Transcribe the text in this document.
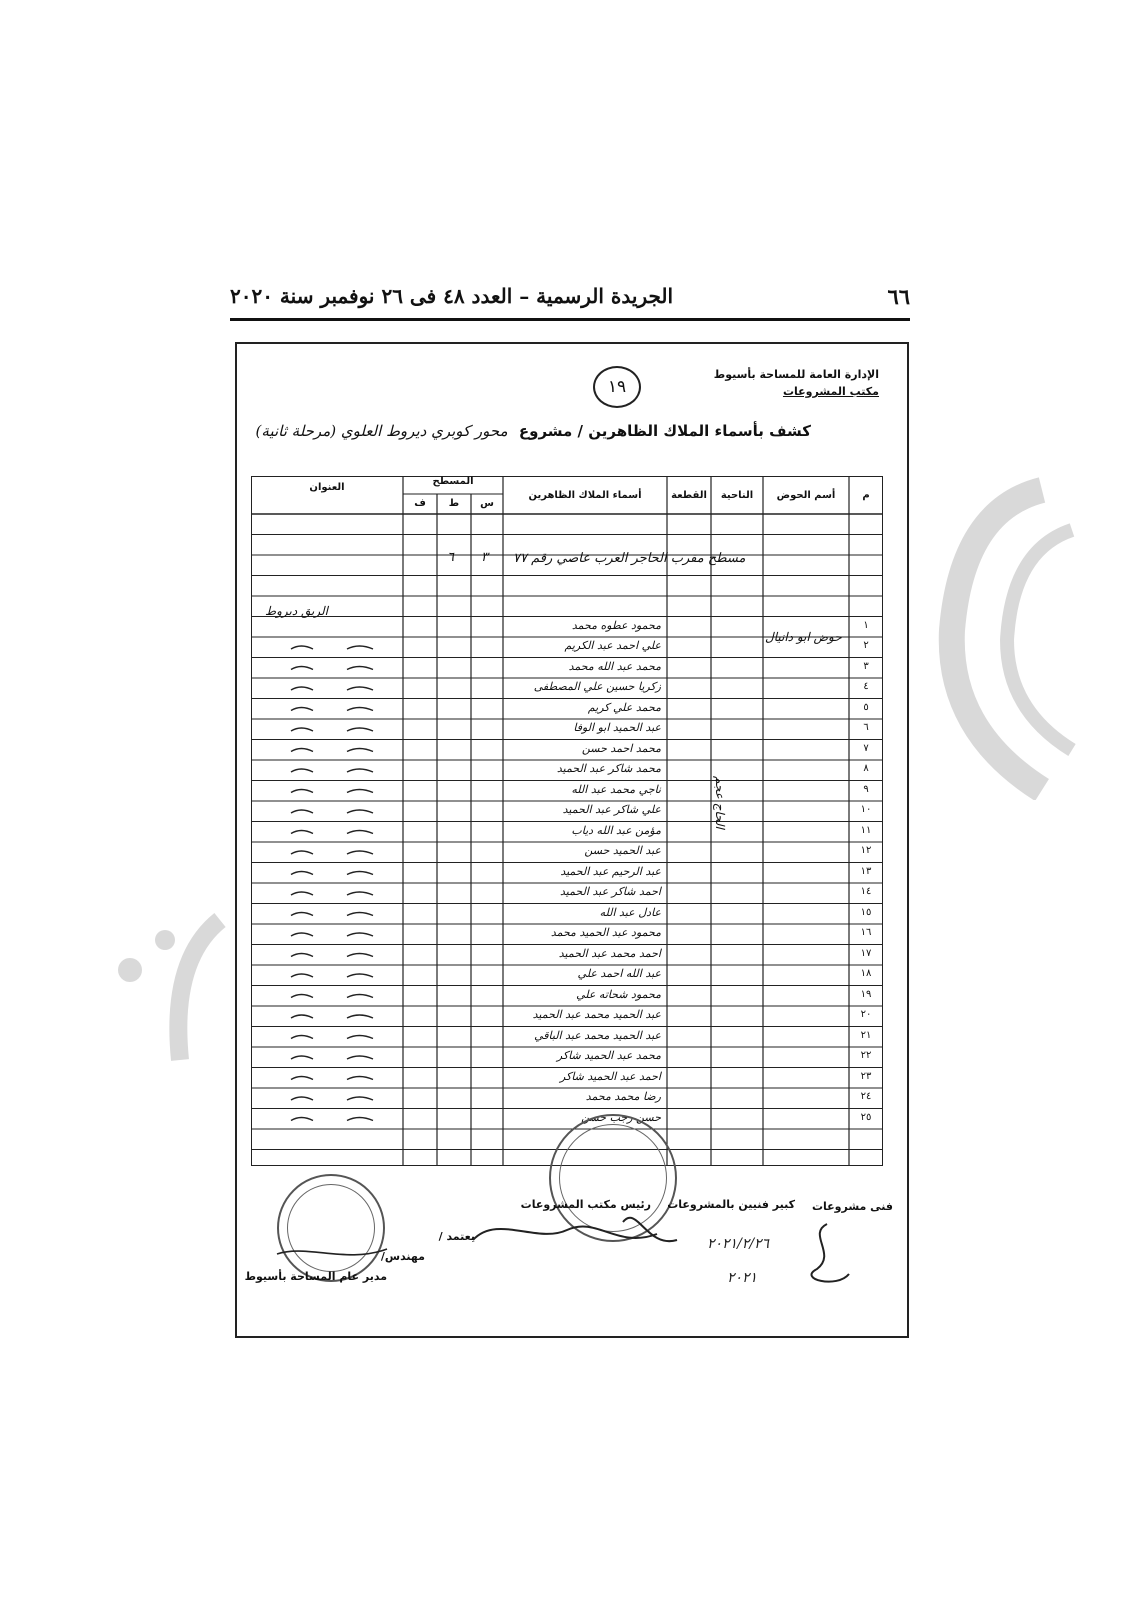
٦٦
الجريدة الرسمية – العدد ٤٨ فى ٢٦ نوفمبر سنة ٢٠٢٠
الإدارة العامة للمساحة بأسيوط
مكتب المشروعات
١٩
كشف بأسماء الملاك الظاهرين / مشروع محور كوبري ديروط العلوي (مرحلة ثانية)
م
أسم الحوض
الناحية
القطعة
أسماء الملاك الظاهرين
المسطح
س
ط
ف
العنوان
مسطح مقرب الحاجر العرب عاصي رقم ٧٧
٣
٦
حوض ابو دانيال
الحاج عجم
الريق دبروط
١
محمود عطوه محمد
٢
علي احمد عبد الكريم
٣
محمد عبد الله محمد
٤
زكريا حسين علي المصطفى
٥
محمد علي كريم
٦
عبد الحميد ابو الوفا
٧
محمد احمد حسن
٨
محمد شاكر عبد الحميد
٩
ناجي محمد عبد الله
١٠
علي شاكر عبد الحميد
١١
مؤمن عبد الله دياب
١٢
عبد الحميد حسن
١٣
عبد الرحيم عبد الحميد
١٤
احمد شاكر عبد الحميد
١٥
عادل عبد الله
١٦
محمود عبد الحميد محمد
١٧
احمد محمد عبد الحميد
١٨
عبد الله احمد علي
١٩
محمود شحاته علي
٢٠
عبد الحميد محمد عبد الحميد
٢١
عبد الحميد محمد عبد الباقي
٢٢
محمد عبد الحميد شاكر
٢٣
احمد عبد الحميد شاكر
٢٤
رضا محمد محمد
٢٥
حسن رجب حسن
فنى مشروعات
كبير فنيين بالمشروعات
رئيس مكتب المشروعات
يعتمد /
مهندس/
مدير عام المساحة بأسيوط
٢٠٢١/٢/٢٦
٢٠٢١
